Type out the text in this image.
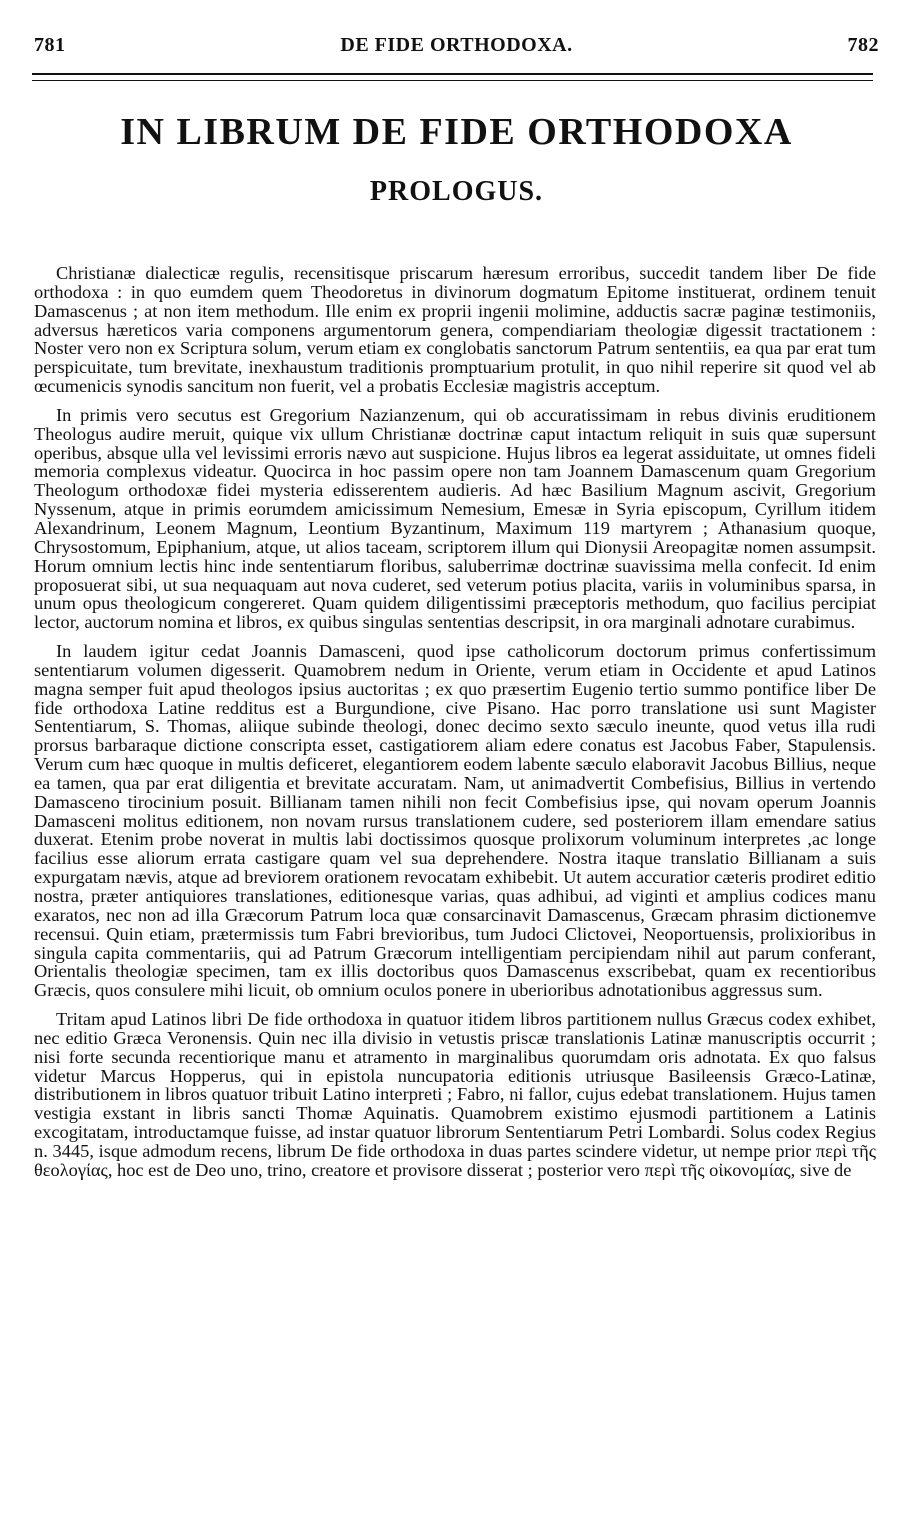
781	DE FIDE ORTHODOXA.	782
IN LIBRUM DE FIDE ORTHODOXA
PROLOGUS.

Christianæ dialecticæ regulis, recensitisque priscarum hæresum erroribus, succedit tandem liber De fide orthodoxa : in quo eumdem quem Theodoretus in divinorum dogmatum Epitome instituerat, ordinem tenuit Damascenus ; at non item methodum. Ille enim ex proprii ingenii molimine, adductis sacræ paginæ testimoniis, adversus hæreticos varia componens argumentorum genera, compendiariam theologiæ digessit tractationem : Noster vero non ex Scriptura solum, verum etiam ex conglobatis sanctorum Patrum sententiis, ea qua par erat tum perspicuitate, tum brevitate, inexhaustum traditionis promptuarium protulit, in quo nihil reperire sit quod vel ab œcumenicis synodis sancitum non fuerit, vel a probatis Ecclesiæ magistris acceptum.

In primis vero secutus est Gregorium Nazianzenum, qui ob accuratissimam in rebus divinis eruditionem Theologus audire meruit, quique vix ullum Christianæ doctrinæ caput intactum reliquit in suis quæ supersunt operibus, absque ulla vel levissimi erroris nævo aut suspicione. Hujus libros ea legerat assiduitate, ut omnes fideli memoria complexus videatur. Quocirca in hoc passim opere non tam Joannem Damascenum quam Gregorium Theologum orthodoxæ fidei mysteria edisserentem audieris. Ad hæc Basilium Magnum ascivit, Gregorium Nyssenum, atque in primis eorumdem amicissimum Nemesium, Emesæ in Syria episcopum, Cyrillum itidem Alexandrinum, Leonem Magnum, Leontium Byzantinum, Maximum 119 martyrem ; Athanasium quoque, Chrysostomum, Epiphanium, atque, ut alios taceam, scriptorem illum qui Dionysii Areopagitæ nomen assumpsit. Horum omnium lectis hinc inde sententiarum floribus, saluberrimæ doctrinæ suavissima mella confecit. Id enim proposuerat sibi, ut sua nequaquam aut nova cuderet, sed veterum potius placita, variis in voluminibus sparsa, in unum opus theologicum congereret. Quam quidem diligentissimi præceptoris methodum, quo facilius percipiat lector, auctorum nomina et libros, ex quibus singulas sententias descripsit, in ora marginali adnotare curabimus.

In laudem igitur cedat Joannis Damasceni, quod ipse catholicorum doctorum primus confertissimum sententiarum volumen digesserit. Quamobrem nedum in Oriente, verum etiam in Occidente et apud Latinos magna semper fuit apud theologos ipsius auctoritas ; ex quo præsertim Eugenio tertio summo pontifice liber De fide orthodoxa Latine redditus est a Burgundione, cive Pisano. Hac porro translatione usi sunt Magister Sententiarum, S. Thomas, aliique subinde theologi, donec decimo sexto sæculo ineunte, quod vetus illa rudi prorsus barbaraque dictione conscripta esset, castigatiorem aliam edere conatus est Jacobus Faber, Stapulensis. Verum cum hæc quoque in multis deficeret, elegantiorem eodem labente sæculo elaboravit Jacobus Billius, neque ea tamen, qua par erat diligentia et brevitate accuratam. Nam, ut animadvertit Combefisius, Billius in vertendo Damasceno tirocinium posuit. Billianam tamen nihili non fecit Combefisius ipse, qui novam operum Joannis Damasceni molitus editionem, non novam rursus translationem cudere, sed posteriorem illam emendare satius duxerat. Etenim probe noverat in multis labi doctissimos quosque prolixorum voluminum interpretes ,ac longe facilius esse aliorum errata castigare quam vel sua deprehendere. Nostra itaque translatio Billianam a suis expurgatam nævis, atque ad breviorem orationem revocatam exhibebit. Ut autem accuratior cæteris prodiret editio nostra, præter antiquiores translationes, editionesque varias, quas adhibui, ad viginti et amplius codices manu exaratos, nec non ad illa Græcorum Patrum loca quæ consarcinavit Damascenus, Græcam phrasim dictionemve recensui. Quin etiam, prætermissis tum Fabri brevioribus, tum Judoci Clictovei, Neoportuensis, prolixioribus in singula capita commentariis, qui ad Patrum Græcorum intelligentiam percipiendam nihil aut parum conferant, Orientalis theologiæ specimen, tam ex illis doctoribus quos Damascenus exscribebat, quam ex recentioribus Græcis, quos consulere mihi licuit, ob omnium oculos ponere in uberioribus adnotationibus aggressus sum.

Tritam apud Latinos libri De fide orthodoxa in quatuor itidem libros partitionem nullus Græcus codex exhibet, nec editio Græca Veronensis. Quin nec illa divisio in vetustis priscæ translationis Latinæ manuscriptis occurrit ; nisi forte secunda recentiorique manu et atramento in marginalibus quorumdam oris adnotata. Ex quo falsus videtur Marcus Hopperus, qui in epistola nuncupatoria editionis utriusque Basileensis Græco-Latinæ, distributionem in libros quatuor tribuit Latino interpreti ; Fabro, ni fallor, cujus edebat translationem. Hujus tamen vestigia exstant in libris sancti Thomæ Aquinatis. Quamobrem existimo ejusmodi partitionem a Latinis excogitatam, introductamque fuisse, ad instar quatuor librorum Sententiarum Petri Lombardi. Solus codex Regius n. 3445, isque admodum recens, librum De fide orthodoxa in duas partes scindere videtur, ut nempe prior περὶ τῆς θεολογίας, hoc est de Deo uno, trino, creatore et provisore disserat ; posterior vero περὶ τῆς οἰκονομίας, sive de
